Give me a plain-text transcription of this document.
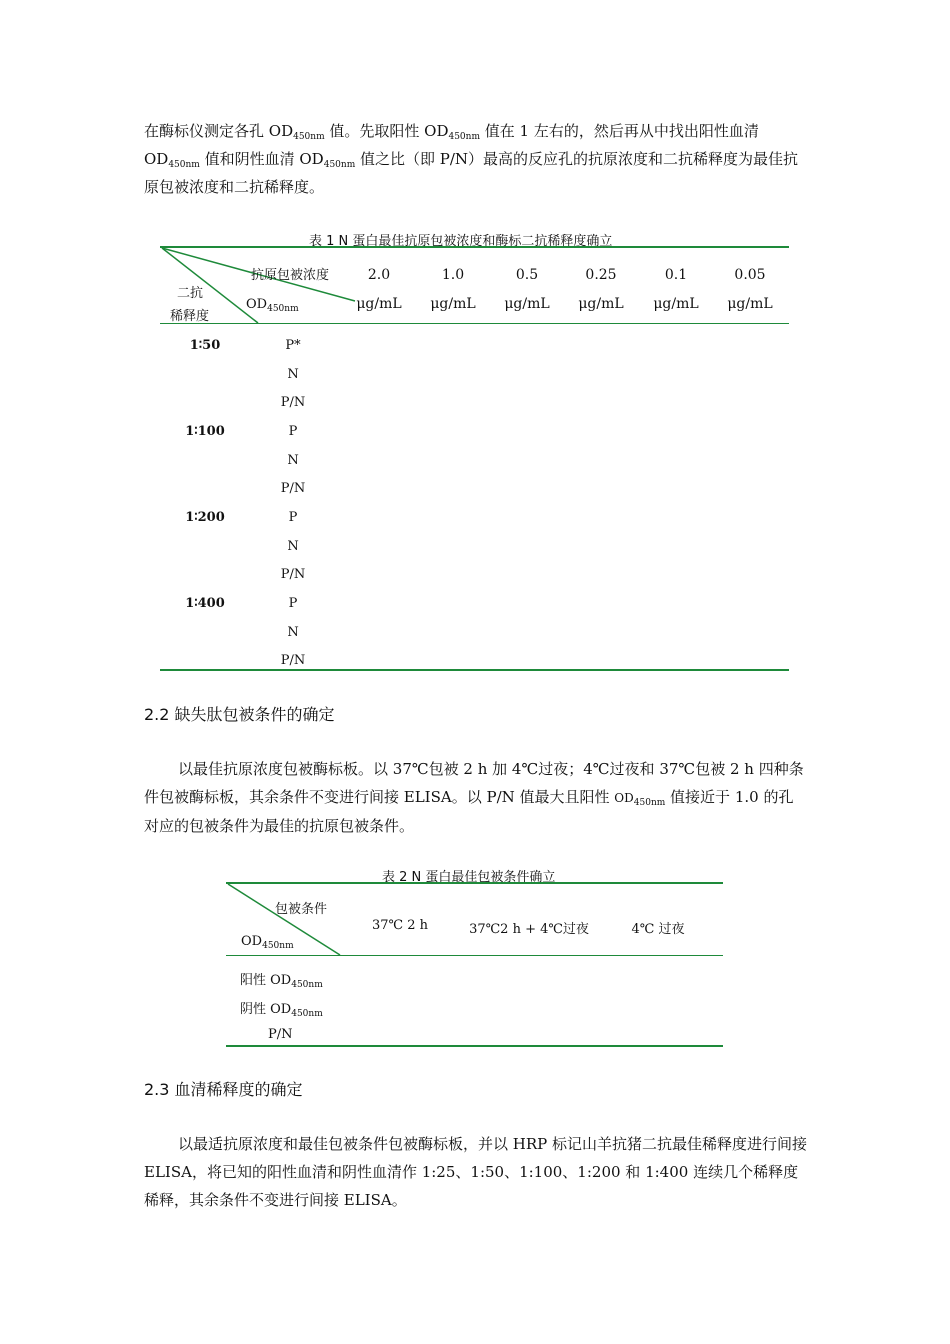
在酶标仪测定各孔 $OD_{450nm}$ 值。先取阳性 $OD_{450nm}$ 值在 1 左右的，然后再从中找出阳性血清 $OD_{450nm}$ 值和阴性血清 $OD_{450nm}$ 值之比（即 P/N）最高的反应孔的抗原浓度和二抗稀释度为最佳抗原包被浓度和二抗稀释度。
表 1 N 蛋白最佳抗原包被浓度和酶标二抗稀释度确立
抗原包被浓度
$OD_{450nm}$
二抗
稀释度
2.0	1.0	0.5	0.25	0.1	0.05
μg/mL	μg/mL	μg/mL	μg/mL	μg/mL	μg/mL
1∶50	P*
N
P/N
1∶100	P
N
P/N
1∶200	P
N
P/N
1∶400	P
N
P/N
2.2 缺失肽包被条件的确定
以最佳抗原浓度包被酶标板。以 37℃包被 2 h 加 4℃过夜；4℃过夜和 37℃包被 2 h 四种条件包被酶标板，其余条件不变进行间接 ELISA。以 P/N 值最大且阳性 $OD_{450nm}$ 值接近于 1.0 的孔对应的包被条件为最佳的抗原包被条件。
表 2 N 蛋白最佳包被条件确立
包被条件
$OD_{450nm}$
37℃ 2 h	37℃2 h + 4℃过夜	4℃ 过夜
阳性 $OD_{450nm}$
阴性 $OD_{450nm}$
P/N
2.3 血清稀释度的确定
以最适抗原浓度和最佳包被条件包被酶标板，并以 HRP 标记山羊抗猪二抗最佳稀释度进行间接 ELISA，将已知的阳性血清和阴性血清作 1:25、1:50、1:100、1:200 和 1:400 连续几个稀释度稀释，其余条件不变进行间接 ELISA。
